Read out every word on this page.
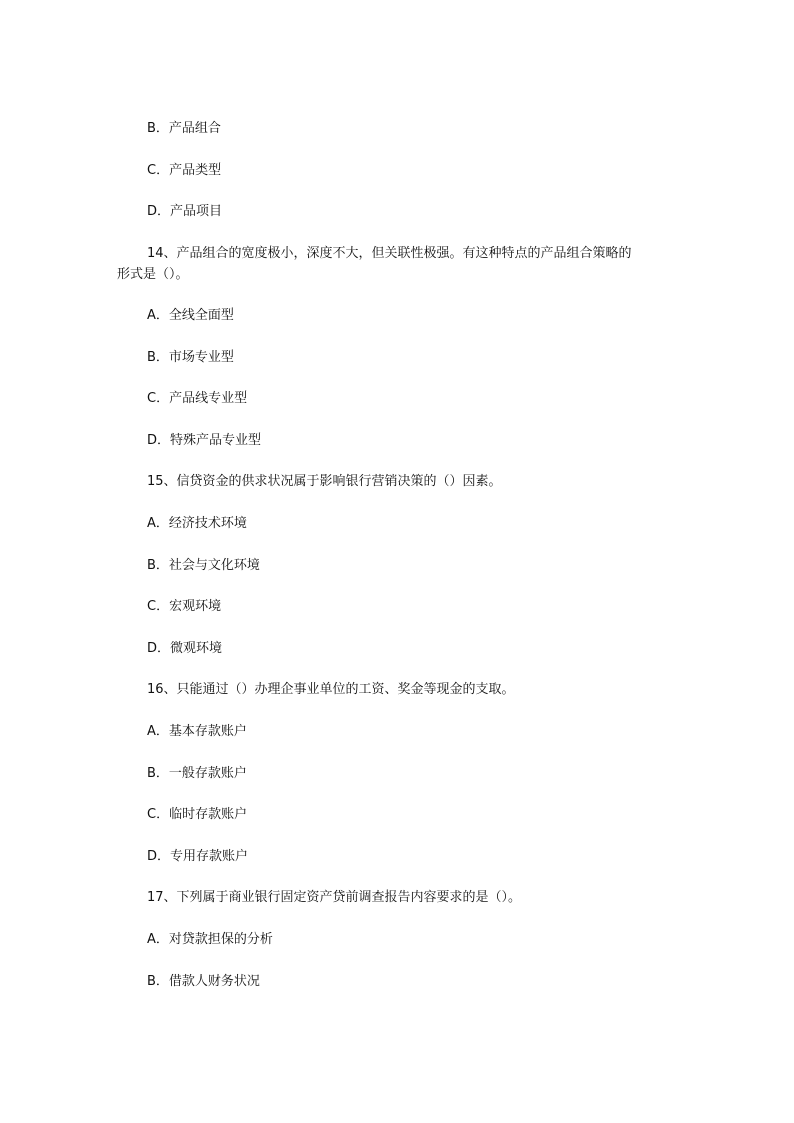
B．产品组合
C．产品类型
D．产品项目
14、产品组合的宽度极小，深度不大，但关联性极强。有这种特点的产品组合策略的
形式是（）。
A．全线全面型
B．市场专业型
C．产品线专业型
D．特殊产品专业型
15、信贷资金的供求状况属于影响银行营销决策的（）因素。
A．经济技术环境
B．社会与文化环境
C．宏观环境
D．微观环境
16、只能通过（）办理企事业单位的工资、奖金等现金的支取。
A．基本存款账户
B．一般存款账户
C．临时存款账户
D．专用存款账户
17、下列属于商业银行固定资产贷前调查报告内容要求的是（）。
A．对贷款担保的分析
B．借款人财务状况
